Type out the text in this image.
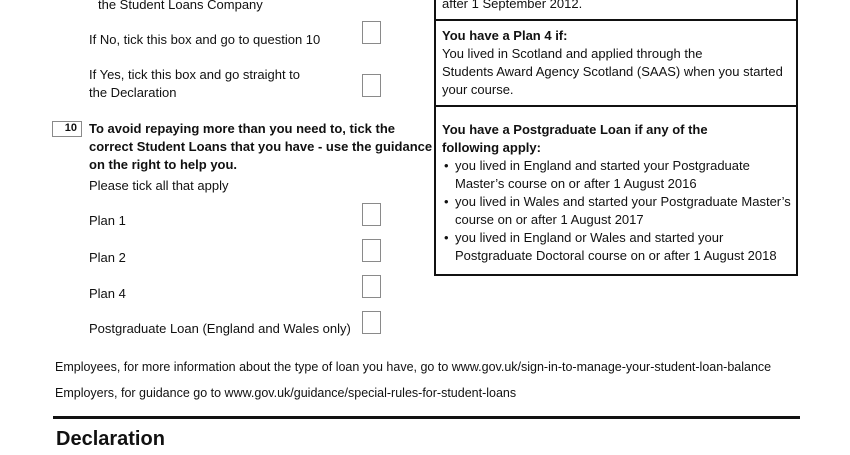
the Student Loans Company
If No, tick this box and go to question 10
If Yes, tick this box and go straight to
the Declaration
10 To avoid repaying more than you need to, tick the
correct Student Loans that you have - use the guidance
on the right to help you.
Please tick all that apply
Plan 1
Plan 2
Plan 4
Postgraduate Loan (England and Wales only)
after 1 September 2012.
You have a Plan 4 if:
You lived in Scotland and applied through the
Students Award Agency Scotland (SAAS) when you started
your course.
You have a Postgraduate Loan if any of the
following apply:
• you lived in England and started your Postgraduate
Master’s course on or after 1 August 2016
• you lived in Wales and started your Postgraduate Master’s
course on or after 1 August 2017
• you lived in England or Wales and started your
Postgraduate Doctoral course on or after 1 August 2018
Employees, for more information about the type of loan you have, go to www.gov.uk/sign-in-to-manage-your-student-loan-balance
Employers, for guidance go to www.gov.uk/guidance/special-rules-for-student-loans
Declaration
